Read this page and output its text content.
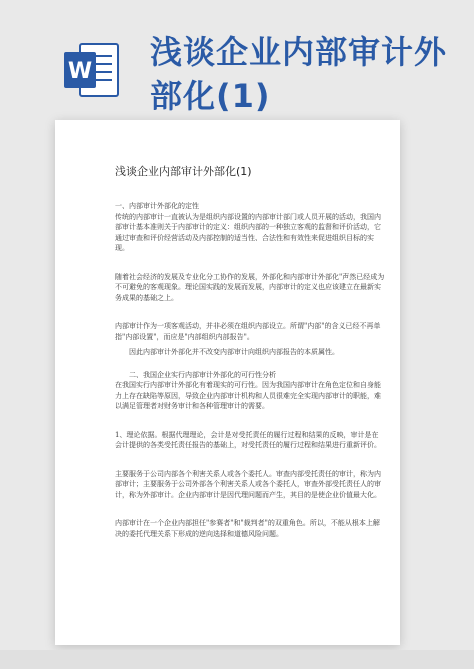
W
浅谈企业内部审计外部化(1)
浅谈企业内部审计外部化(1)

一、内部审计外部化的定性

传统的内部审计一直被认为是组织内部设置的内部审计部门或人员开展的活动，我国内部审计基本准则关于内部审计的定义：组织内部的一种独立客观的监督和评价活动，它通过审查和评价经营活动及内部控制的适当性、合法性和有效性来促进组织目标的实现。

随着社会经济的发展及专业化分工协作的发展，外部化和内部审计外部化"声然已经成为不可避免的客观现象。理论国实践的发展而发展，内部审计的定义也应该建立在最新实务成果的基础之上。

内部审计作为一项客观活动，并非必须在组织内部设立。所谓"内部"的含义已经不再单指"内部设置"，而应是"内部组织内部报告"。

因此内部审计外部化并不改变内部审计向组织内部报告的本质属性。

二、我国企业实行内部审计外部化的可行性分析

在我国实行内部审计外部化有着现实的可行性。因为我国内部审计在角色定位和自身能力上存在缺陷等原因，导致企业内部审计机构和人员很难完全实现内部审计的职能，难以满足管理者对财务审计和各种管理审计的需要。

1、理论依据。根据代理理论，会计是对受托责任的履行过程和结果的反映，审计是在会计提供的各类受托责任报告的基础上，对受托责任的履行过程和结果进行重新评价。

主要服务于公司内部各个利害关系人或各个委托人。审查内部受托责任的审计，称为内部审计；主要服务于公司外部各个利害关系人或各个委托人，审查外部受托责任人的审计，称为外部审计。企业内部审计是因代理问题而产生，其目的是使企业价值最大化。

内部审计在一个企业内部担任"参赛者"和"裁判者"的双重角色。所以，不能从根本上解决的委托代理关系下形成的逆向选择和道德风险问题。
